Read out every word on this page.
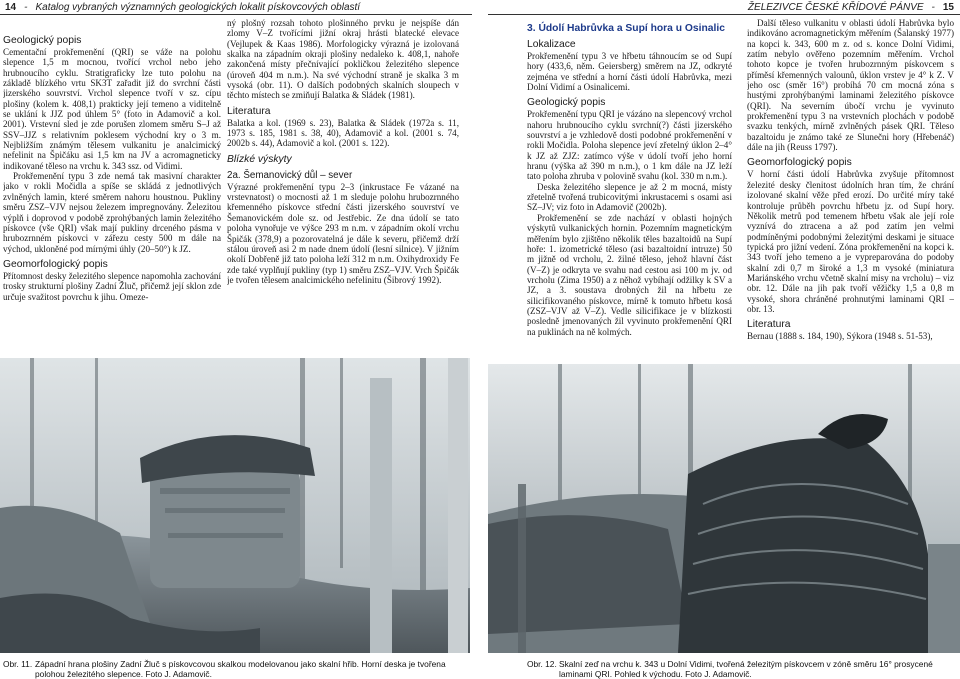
14 - Katalog vybraných významných geologických lokalit pískovcových oblastí	ŽELEZIVCE ČESKÉ KŘÍDOVÉ PÁNVE - 15
Geologický popis

Cementační prokřemenění (QRI) se váže na polohu slepence 1,5 m mocnou, tvořící vrchol nebo jeho hrubnoucího cyklu. Stratigraficky lze tuto polohu na základě blízkého vrtu SK3T zařadit již do svrchní části jizerského souvrství. Vrchol slepence tvoří v sz. cípu plošiny (kolem k. 408,1) prakticky její temeno a viditelně se uklání k JJZ pod úhlem 5° (foto in Adamovič a kol. 2001). Vrstevní sled je zde porušen zlomem směru S–J až SSV–JJZ s relativním poklesem východní kry o 3 m. Nejbližším známým tělesem vulkanitu je analcimický nefelinit na Špičáku asi 1,5 km na JV a acromagneticky indikované těleso na vrchu k. 343 ssz. od Vidimi.

Prokřemenění typu 3 zde nemá tak masivní charakter jako v rokli Močidla a spíše se skládá z jednotlivých zvlněných lamin, které směrem nahoru houstnou. Pukliny směru ZSZ–VJV nejsou železem impregnovány. Železitou výplň i doprovod v podobě zprohýbaných lamin železitého pískovce (vše QRI) však mají pukliny drceného pásma v hrubozrnném pískovci v zářezu cesty 500 m dále na východ, ukloněné pod mírnými úhly (20–50°) k JZ.

Geomorfologický popis

Přítomnost desky železitého slepence napomohla zachování trosky strukturní plošiny Zadní Žluč, přičemž její sklon zde určuje svažitost povrchu k jihu. Omeze-

ný plošný rozsah tohoto plošinného prvku je nejspíše dán zlomy V–Z tvořícími jižní okraj hrásti blatecké elevace (Vejlupek & Kaas 1986). Morfologicky výrazná je izolovaná skalka na západním okraji plošiny nedaleko k. 408,1, nahoře zakončená místy přečnívající pokličkou železitého slepence (úroveň 404 m n.m.). Na své východní straně je skalka 3 m vysoká (obr. 11). O dalších podobných skalních sloupech v těchto místech se zmiňují Balatka & Sládek (1981).

Literatura

Balatka a kol. (1969 s. 23), Balatka & Sládek (1972a s. 11, 1973 s. 185, 1981 s. 38, 40), Adamovič a kol. (2001 s. 74, 2002b s. 44), Adamovič a kol. (2001 s. 122).

Blízké výskyty
2a. Šemanovický důl – sever

Výrazné prokřemenění typu 2–3 (inkrustace Fe vázané na vrstevnatost) o mocnosti až 1 m sleduje polohu hrubozrnného křemenného pískovce střední části jizerského souvrství ve Šemanovickém dole sz. od Jestřebic. Ze dna údolí se tato poloha vynořuje ve výšce 293 m n.m. v západním okolí vrchu Špičák (378,9) a pozorovatelná je dále k severu, přičemž drží stálou úroveň asi 2 m nade dnem údolí (lesní silnice). V jižním okolí Dobřeně již tato poloha leží 312 m n.m. Oxihydroxidy Fe zde také vyplňují pukliny (typ 1) směru ZSZ–VJV. Vrch Špičák je tvořen tělesem analcimického nefelinitu (Šibrový 1992).

3. Údolí Habrůvka a Supí hora u Osinalic
Lokalizace

Prokřemenění typu 3 ve hřbetu táhnoucím se od Supí hory (433,6, něm. Geiersberg) směrem na JZ, odkryté zejména ve střední a horní části údolí Habrůvka, mezi Dolní Vidimí a Osinalicemi.

Geologický popis

Prokřemenění typu QRI je vázáno na slepencový vrchol nahoru hrubnoucího cyklu svrchní(?) části jizerského souvrství a je vzhledově dosti podobné prokřemenění v rokli Močidla. Poloha slepence jeví zřetelný úklon 2–4° k JZ až ZJZ: zatímco výše v údolí tvoří jeho horní hranu (výška až 390 m n.m.), o 1 km dále na JZ leží tato poloha zhruba v polovině svahu (kol. 330 m n.m.).

Deska železitého slepence je až 2 m mocná, místy zřetelně tvořená trubicovitými inkrustacemi s osami asi SZ–JV; viz foto in Adamovič (2002b).

Prokřemenění se zde nachází v oblasti hojných výskytů vulkanických hornin. Pozemním magnetickým měřením bylo zjištěno několik těles bazaltoidů na Supí hoře: 1. izometrické těleso (asi bazaltoidní intruze) 50 m jižně od vrcholu, 2. žilné těleso, jehož hlavní část (V–Z) je odkryta ve svahu nad cestou asi 100 m jv. od vrcholu (Zima 1950) a z něhož vybíhají odžilky k SV a JZ, a 3. soustava drobných žil na hřbetu ze silicifikovaného pískovce, mírně k tomuto hřbetu kosá (ZSZ–VJV až V–Z). Vedle silicifikace je v blízkosti posledně jmenovaných žil vyvinuto prokřemenění QRI na puklinách na ně kolmých.

Další těleso vulkanitu v oblasti údolí Habrůvka bylo indikováno acromagnetickým měřením (Šalanský 1977) na kopci k. 343, 600 m z. od s. konce Dolní Vidimi, zatím nebylo ověřeno pozemním měřením. Vrchol tohoto kopce je tvořen hrubozrnným pískovcem s příměsí křemenných valounů, úklon vrstev je 4° k Z. V jeho osc (směr 16°) probíhá 70 cm mocná zóna s hustými zprohýbanými laminami železitého pískovce (QRI). Na severním úbočí vrchu je vyvinuto prokřemenění typu 3 na vrstevních plochách v podobě svazku tenkých, mírně zvlněných pásek QRI. Těleso bazaltoidu je známo také ze Slunečni hory (Hřebenáč) dále na jih (Reuss 1797).

Geomorfologický popis

V horní části údolí Habrůvka zvyšuje přítomnost železité desky členitost údolních hran tím, že chrání izolované skalní věže před erozí. Do určité míry také kontroluje průběh povrchu hřbetu jz. od Supí hory. Několik metrů pod temenem hřbetu však ale její role vyznívá do ztracena a až pod zatím jen velmi podmíněnými podobnými železitými deskami je situace typická pro jižní vedení. Zóna prokřemenění na kopci k. 343 tvoří jeho temeno a je vypreparována do podoby skalní zdi 0,7 m široké a 1,3 m vysoké (miniatura Mariánského vrchu včetně skalní misy na vrcholu) – viz obr. 12. Dále na jih pak tvoří věžičky 1,5 a 0,8 m vysoké, shora chráněné prohnutými laminami QRI – obr. 13.

Literatura

Bernau (1888 s. 184, 190), Sýkora (1948 s. 51-53),

Obr. 11. Západní hrana plošiny Zadní Žluč s pískovcovou skalkou modelovanou jako skalní hřib. Horní deska je tvořena polohou železitého slepence. Foto J. Adamovič.
Obr. 12. Skalní zeď na vrchu k. 343 u Dolní Vidimi, tvořená železitým pískovcem v zóně směru 16° prosycené laminami QRI. Pohled k východu. Foto J. Adamovič.
